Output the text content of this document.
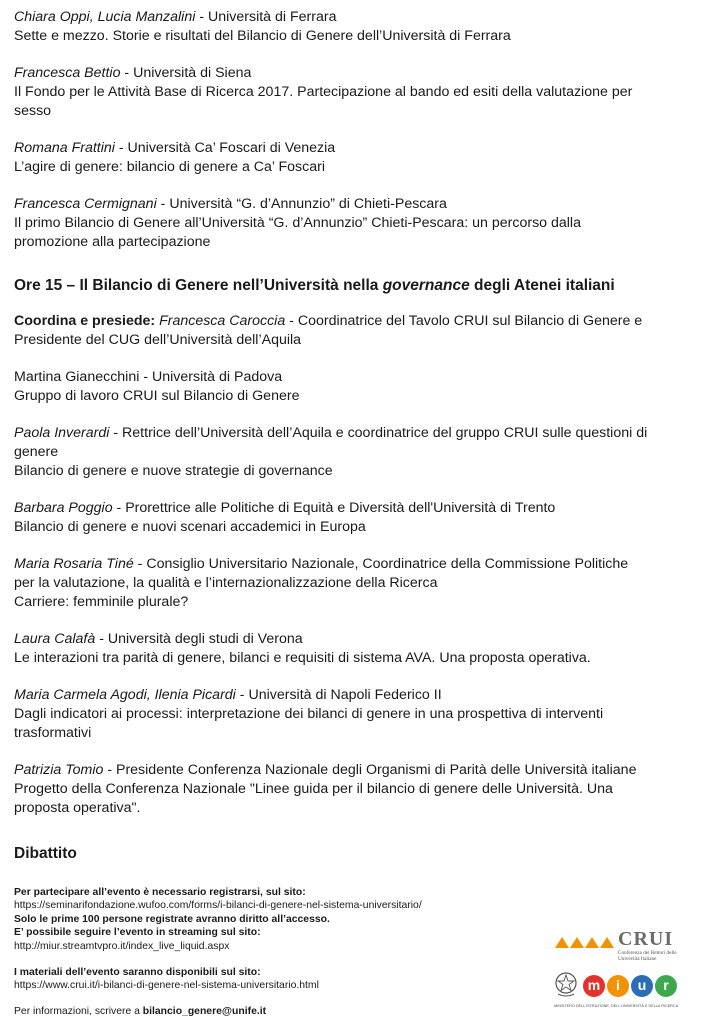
Chiara Oppi, Lucia Manzalini - Università di Ferrara
Sette e mezzo. Storie e risultati del Bilancio di Genere dell’Università di Ferrara
Francesca Bettio - Università di Siena
Il Fondo per le Attività Base di Ricerca 2017. Partecipazione al bando ed esiti della valutazione per
sesso
Romana Frattini - Università Ca’ Foscari di Venezia
L’agire di genere: bilancio di genere a Ca’ Foscari
Francesca Cermignani - Università “G. d’Annunzio” di Chieti-Pescara
Il primo Bilancio di Genere all’Università “G. d’Annunzio” Chieti-Pescara: un percorso dalla
promozione alla partecipazione
Ore 15 – Il Bilancio di Genere nell’Università nella governance degli Atenei italiani
Coordina e presiede: Francesca Caroccia - Coordinatrice del Tavolo CRUI sul Bilancio di Genere e
Presidente del CUG dell’Università dell’Aquila
Martina Gianecchini - Università di Padova
Gruppo di lavoro CRUI sul Bilancio di Genere
Paola Inverardi - Rettrice dell’Università dell’Aquila e coordinatrice del gruppo CRUI sulle questioni di
genere
Bilancio di genere e nuove strategie di governance
Barbara Poggio - Prorettrice alle Politiche di Equità e Diversità dell'Università di Trento
Bilancio di genere e nuovi scenari accademici in Europa
Maria Rosaria Tiné - Consiglio Universitario Nazionale, Coordinatrice della Commissione Politiche
per la valutazione, la qualità e l’internazionalizzazione della Ricerca
Carriere: femminile plurale?
Laura Calafà - Università degli studi di Verona
Le interazioni tra parità di genere, bilanci e requisiti di sistema AVA. Una proposta operativa.
Maria Carmela Agodi, Ilenia Picardi - Università di Napoli Federico II
Dagli indicatori ai processi: interpretazione dei bilanci di genere in una prospettiva di interventi
trasformativi
Patrizia Tomio - Presidente Conferenza Nazionale degli Organismi di Parità delle Università italiane
Progetto della Conferenza Nazionale "Linee guida per il bilancio di genere delle Università. Una
proposta operativa".
Dibattito
Per partecipare all’evento è necessario registrarsi, sul sito:
https://seminarifondazione.wufoo.com/forms/i-bilanci-di-genere-nel-sistema-universitario/
Solo le prime 100 persone registrate avranno diritto all’accesso.
E’ possibile seguire l’evento in streaming sul sito:
http://miur.streamtvpro.it/index_live_liquid.aspx
I materiali dell’evento saranno disponibili sul sito:
https://www.crui.it/i-bilanci-di-genere-nel-sistema-universitario.html
Per informazioni, scrivere a bilancio_genere@unife.it
CRUI
Conferenza dei Rettori delle Università Italiane
m	i	u	r
MINISTERO DELL'ISTRUZIONE, DELL'UNIVERSITÀ E DELLA RICERCA
